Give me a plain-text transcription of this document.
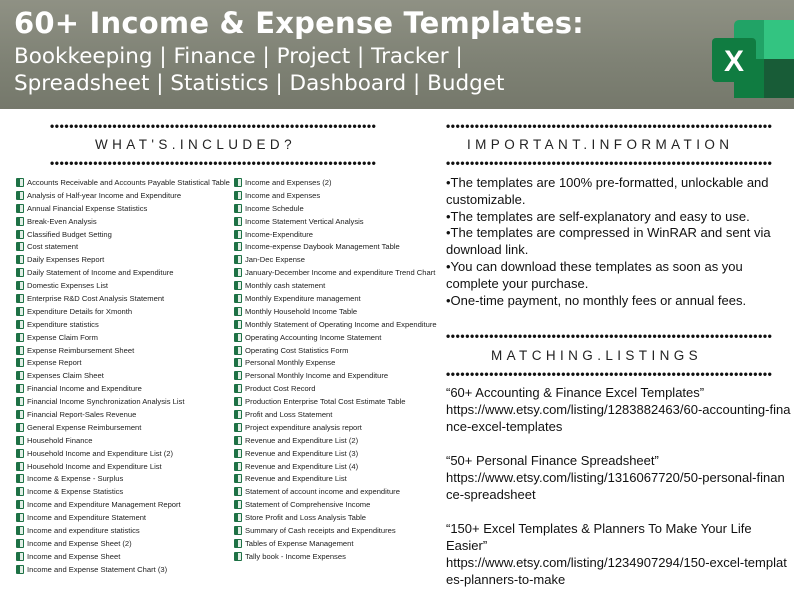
60+ Income & Expense Templates:
Bookkeeping | Finance | Project | Tracker |
Spreadsheet | Statistics | Dashboard | Budget
X
••••••••••••••••••••••••••••••••••••••••••••••••••••••••••••••••••••
WHAT'S.INCLUDED?
••••••••••••••••••••••••••••••••••••••••••••••••••••••••••••••••••••
Accounts Receivable and Accounts Payable Statistical Table
Analysis of Half-year Income and Expenditure
Annual Financial Expense Statistics
Break-Even Analysis
Classified Budget Setting
Cost statement
Daily Expenses Report
Daily Statement of Income and Expenditure
Domestic Expenses List
Enterprise R&D Cost Analysis Statement
Expenditure Details for Xmonth
Expenditure statistics
Expense Claim Form
Expense Reimbursement Sheet
Expense Report
Expenses Claim Sheet
Financial Income and Expenditure
Financial Income Synchronization Analysis List
Financial Report-Sales Revenue
General Expense Reimbursement
Household Finance
Household Income and Expenditure List (2)
Household Income and Expenditure List
Income & Expense - Surplus
Income & Expense Statistics
Income and Expenditure Management Report
Income and Expenditure Statement
Income and expenditure statistics
Income and Expense Sheet (2)
Income and Expense Sheet
Income and Expense Statement Chart (3)
Income and Expenses (2)
Income and Expenses
Income Schedule
Income Statement Vertical Analysis
Income-Expenditure
Income-expense Daybook Management Table
Jan-Dec Expense
January-December Income and expenditure Trend Chart
Monthly cash statement
Monthly Expenditure management
Monthly Household Income Table
Monthly Statement of Operating Income and Expenditure
Operating Accounting Income Statement
Operating Cost Statistics Form
Personal Monthly Expense
Personal Monthly Income and Expenditure
Product Cost Record
Production Enterprise Total Cost Estimate Table
Profit and Loss Statement
Project expenditure analysis report
Revenue and Expenditure List (2)
Revenue and Expenditure List (3)
Revenue and Expenditure List (4)
Revenue and Expenditure List
Statement of account income and expenditure
Statement of Comprehensive Income
Store Profit and Loss Analysis Table
Summary of Cash receipts and Expenditures
Tables of Expense Management
Tally book - Income Expenses
••••••••••••••••••••••••••••••••••••••••••••••••••••••••••••••••••••
IMPORTANT.INFORMATION
••••••••••••••••••••••••••••••••••••••••••••••••••••••••••••••••••••

•The templates are 100% pre-formatted, unlockable and customizable.

•The templates are self-explanatory and easy to use.

•The templates are compressed in WinRAR and sent via download link.

•You can download these templates as soon as you complete your purchase.

•One-time payment, no monthly fees or annual fees.

••••••••••••••••••••••••••••••••••••••••••••••••••••••••••••••••••••
MATCHING.LISTINGS
••••••••••••••••••••••••••••••••••••••••••••••••••••••••••••••••••••
“60+ Accounting & Finance Excel Templates”
https://www.etsy.com/listing/1283882463/60-accounting-finance-excel-templates
“50+ Personal Finance Spreadsheet”
https://www.etsy.com/listing/1316067720/50-personal-finance-spreadsheet
“150+ Excel Templates & Planners To Make Your Life Easier”
https://www.etsy.com/listing/1234907294/150-excel-templates-planners-to-make
